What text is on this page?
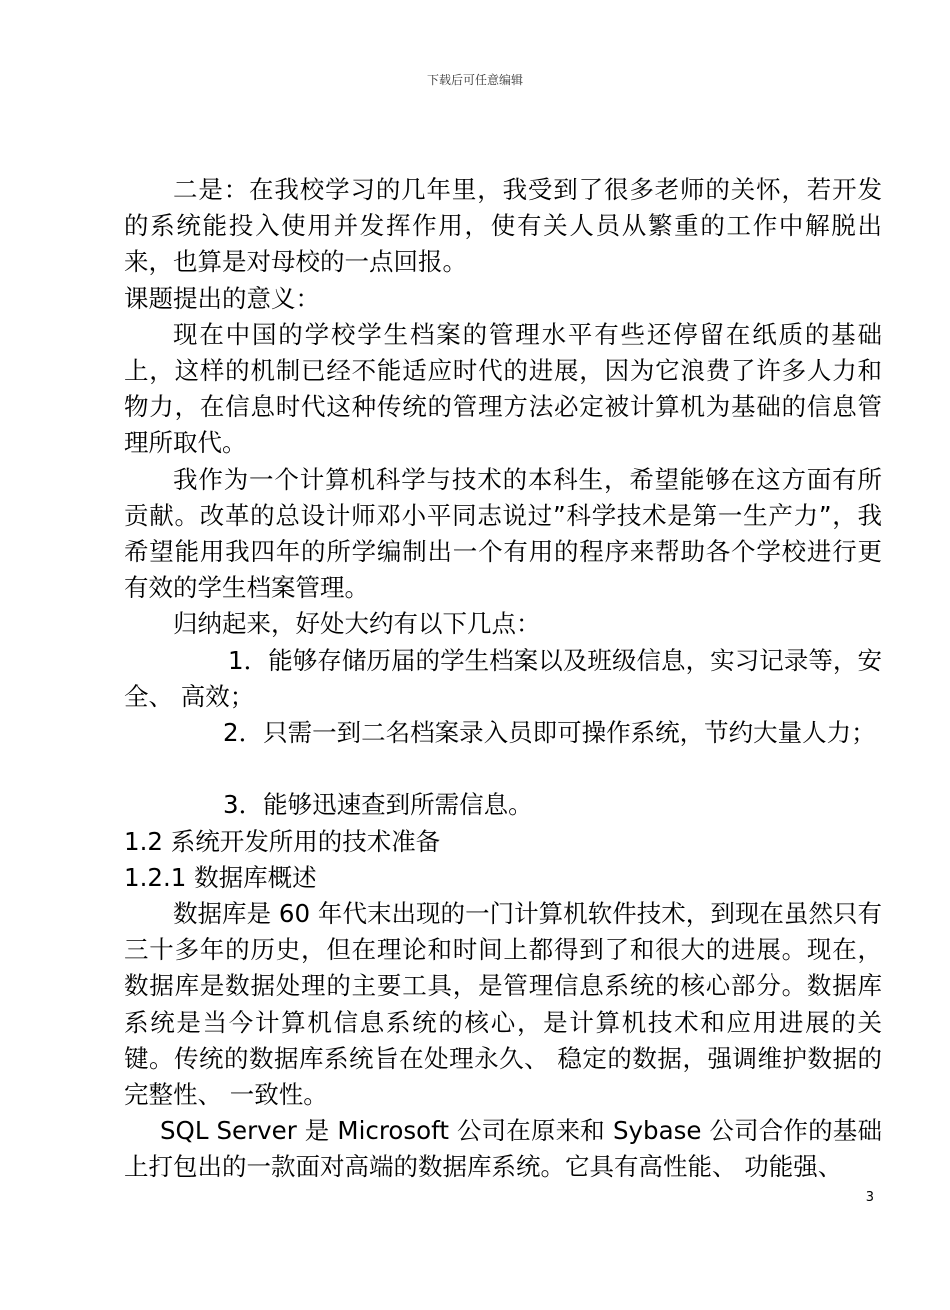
下载后可任意编辑

二是：在我校学习的几年里，我受到了很多老师的关怀，若开发的系统能投入使用并发挥作用，使有关人员从繁重的工作中解脱出来，也算是对母校的一点回报。

课题提出的意义：

现在中国的学校学生档案的管理水平有些还停留在纸质的基础上，这样的机制已经不能适应时代的进展，因为它浪费了许多人力和物力，在信息时代这种传统的管理方法必定被计算机为基础的信息管理所取代。

我作为一个计算机科学与技术的本科生，希望能够在这方面有所贡献。改革的总设计师邓小平同志说过”科学技术是第一生产力”，我希望能用我四年的所学编制出一个有用的程序来帮助各个学校进行更有效的学生档案管理。

归纳起来，好处大约有以下几点：

1．能够存储历届的学生档案以及班级信息，实习记录等，安全、 高效；

2．只需一到二名档案录入员即可操作系统，节约大量人力；

3．能够迅速查到所需信息。

1.2 系统开发所用的技术准备

1.2.1 数据库概述

数据库是 60 年代末出现的一门计算机软件技术，到现在虽然只有三十多年的历史，但在理论和时间上都得到了和很大的进展。现在，数据库是数据处理的主要工具，是管理信息系统的核心部分。数据库系统是当今计算机信息系统的核心，是计算机技术和应用进展的关键。传统的数据库系统旨在处理永久、 稳定的数据，强调维护数据的完整性、 一致性。

SQL Server 是 Microsoft 公司在原来和 Sybase 公司合作的基础上打包出的一款面对高端的数据库系统。它具有高性能、 功能强、

3
